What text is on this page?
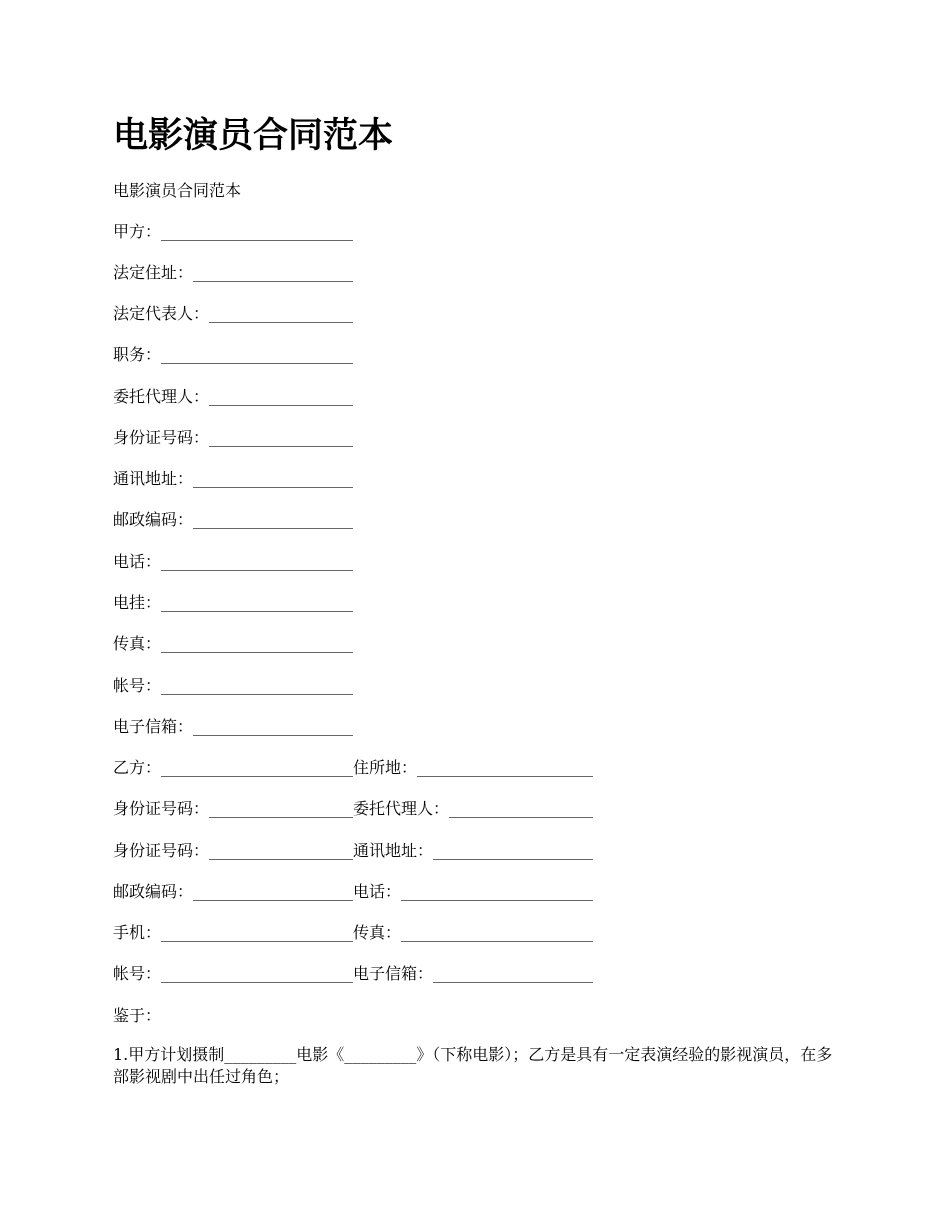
电影演员合同范本

电影演员合同范本

甲方：________________________

法定住址：____________________

法定代表人：__________________

职务：________________________

委托代理人：__________________

身份证号码：__________________

通讯地址：____________________

邮政编码：____________________

电话：________________________

电挂：________________________

传真：________________________

帐号：________________________

电子信箱：____________________

乙方：________________________住所地：______________________

身份证号码：__________________委托代理人：__________________

身份证号码：__________________通讯地址：____________________

邮政编码：____________________电话：________________________

手机：________________________传真：________________________

帐号：________________________电子信箱：____________________

鉴于：

1.甲方计划摄制_________电影《_________》（下称电影）；乙方是具有一定表演经验的影视演员，在多部影视剧中出任过角色；
